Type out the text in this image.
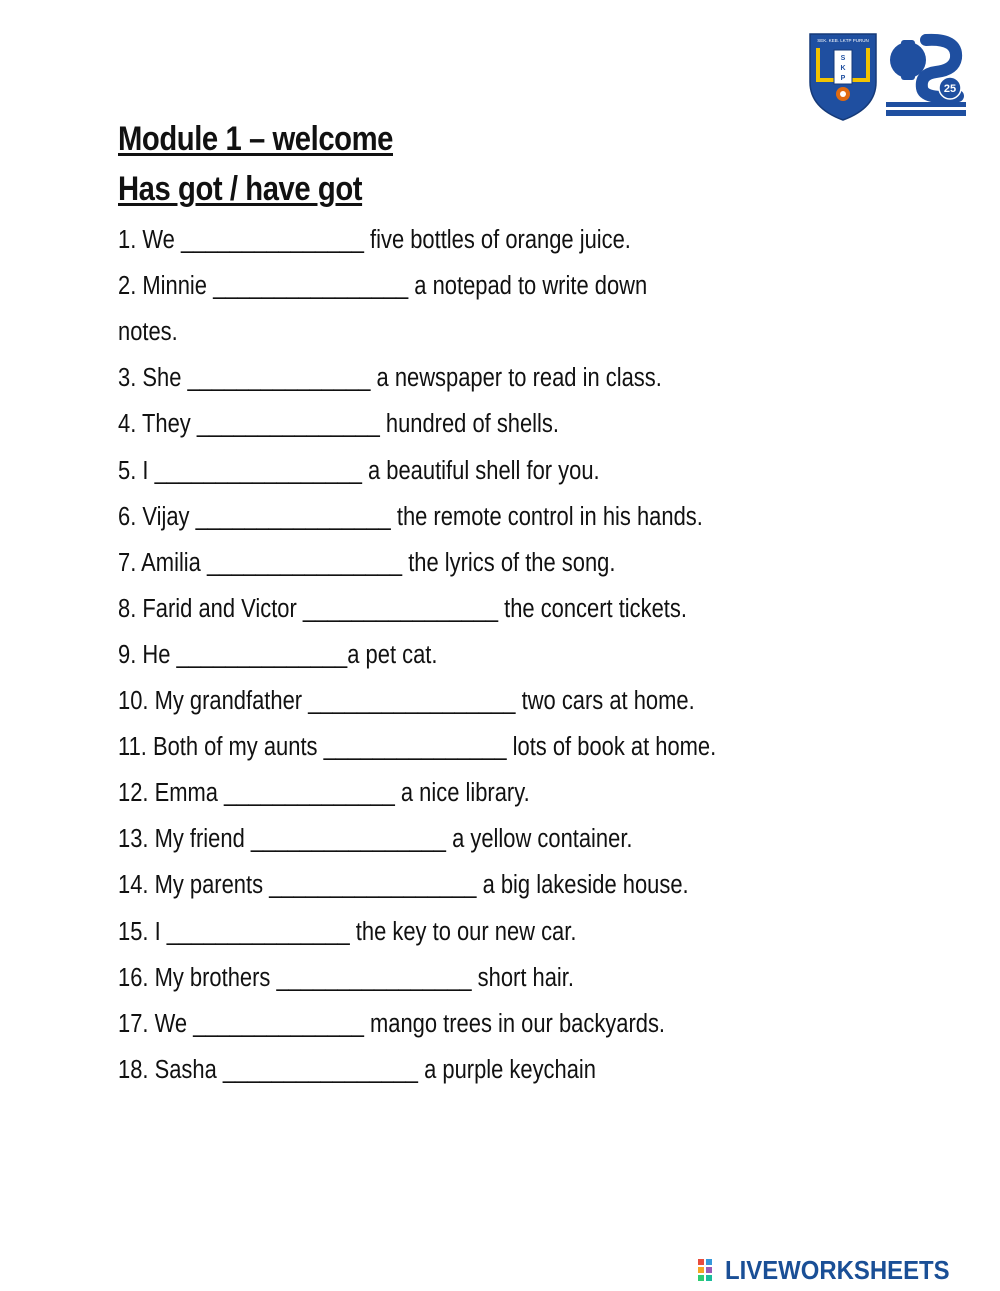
S
K
P
SEK. KEB. LKTP PURUN
25
Module 1 – welcome
Has got / have got
1. We _______________ five bottles of orange juice.
2. Minnie ________________ a notepad to write down
notes.
3. She _______________ a newspaper to read in class.
4. They _______________ hundred of shells.
5. I _________________ a beautiful shell for you.
6. Vijay ________________ the remote control in his hands.
7. Amilia ________________ the lyrics of the song.
8. Farid and Victor ________________ the concert tickets.
9. He ______________a pet cat.
10. My grandfather _________________ two cars at home.
11. Both of my aunts _______________ lots of book at home.
12. Emma ______________ a nice library.
13. My friend ________________ a yellow container.
14. My parents _________________ a big lakeside house.
15. I _______________ the key to our new car.
16. My brothers ________________ short hair.
17. We ______________ mango trees in our backyards.
18. Sasha ________________ a purple keychain
LIVEWORKSHEETS
